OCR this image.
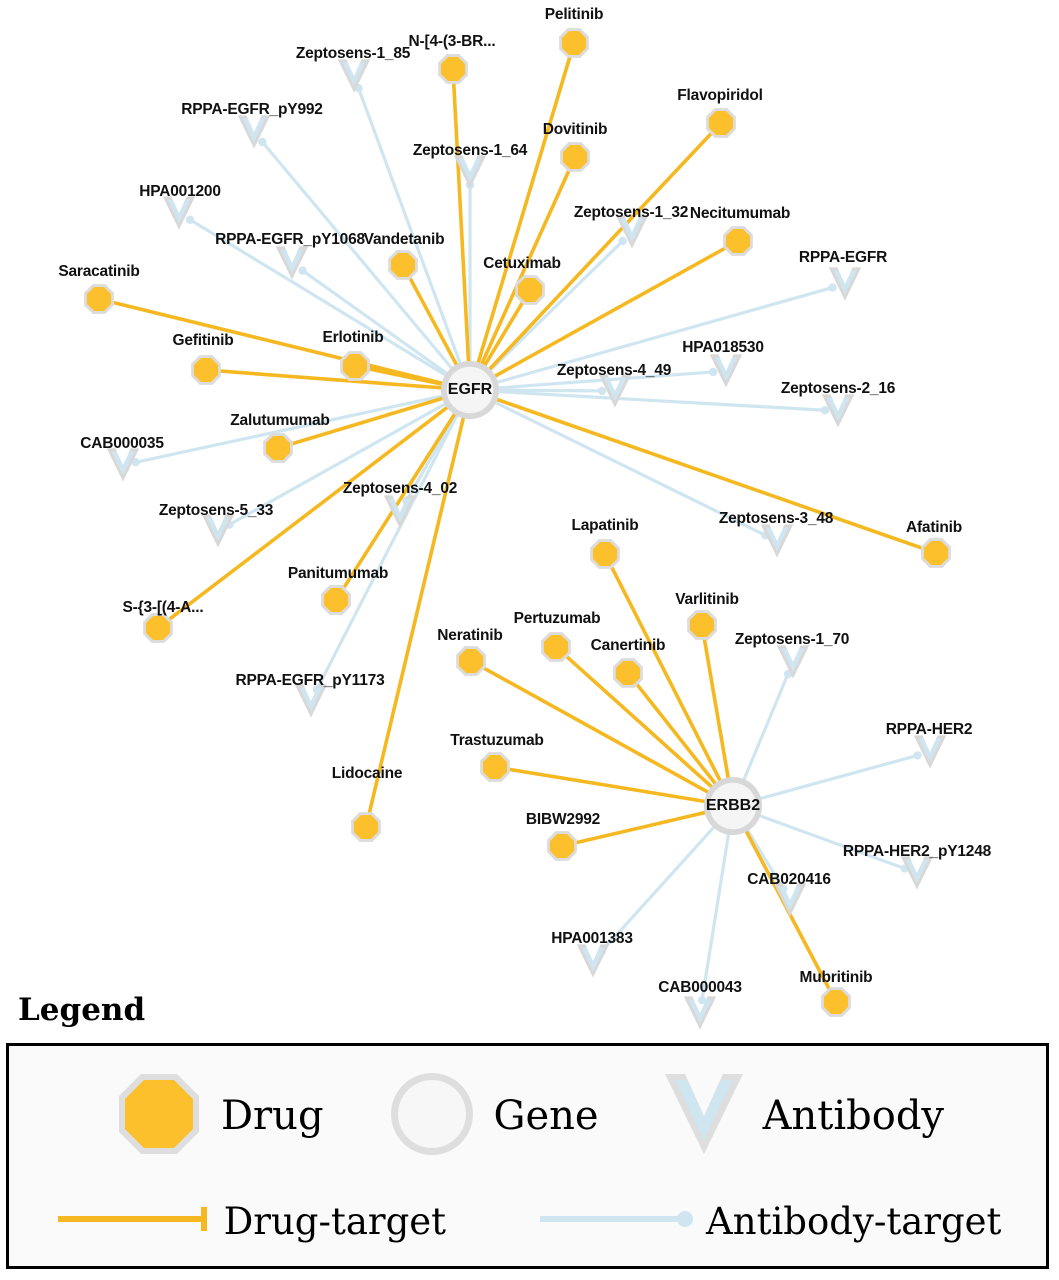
Pelitinib
N-[4-(3-BR...
Flavopiridol
Dovitinib
Necitumumab
Vandetanib
Cetuximab
Saracatinib
Gefitinib	Erlotinib
Zalutumumab
Afatinib
Lapatinib
Panitumumab
Varlitinib
S-{3-[(4-A...
Pertuzumab
Neratinib
Canertinib
Trastuzumab
Lidocaine
BIBW2992
Mubritinib
Zeptosens-1_85
RPPA-EGFR_pY992
Zeptosens-1_64
HPA001200
Zeptosens-1_32
RPPA-EGFR_pY1068
RPPA-EGFR
HPA018530
Zeptosens-4_49
Zeptosens-2_16
CAB000035
Zeptosens-4_02
Zeptosens-5_33	Zeptosens-3_48
Zeptosens-1_70
RPPA-EGFR_pY1173
RPPA-HER2
RPPA-HER2_pY1248
CAB020416
HPA001383
CAB000043
EGFR
ERBB2
Legend
Drug	Gene	Antibody
Drug-target	Antibody-target
